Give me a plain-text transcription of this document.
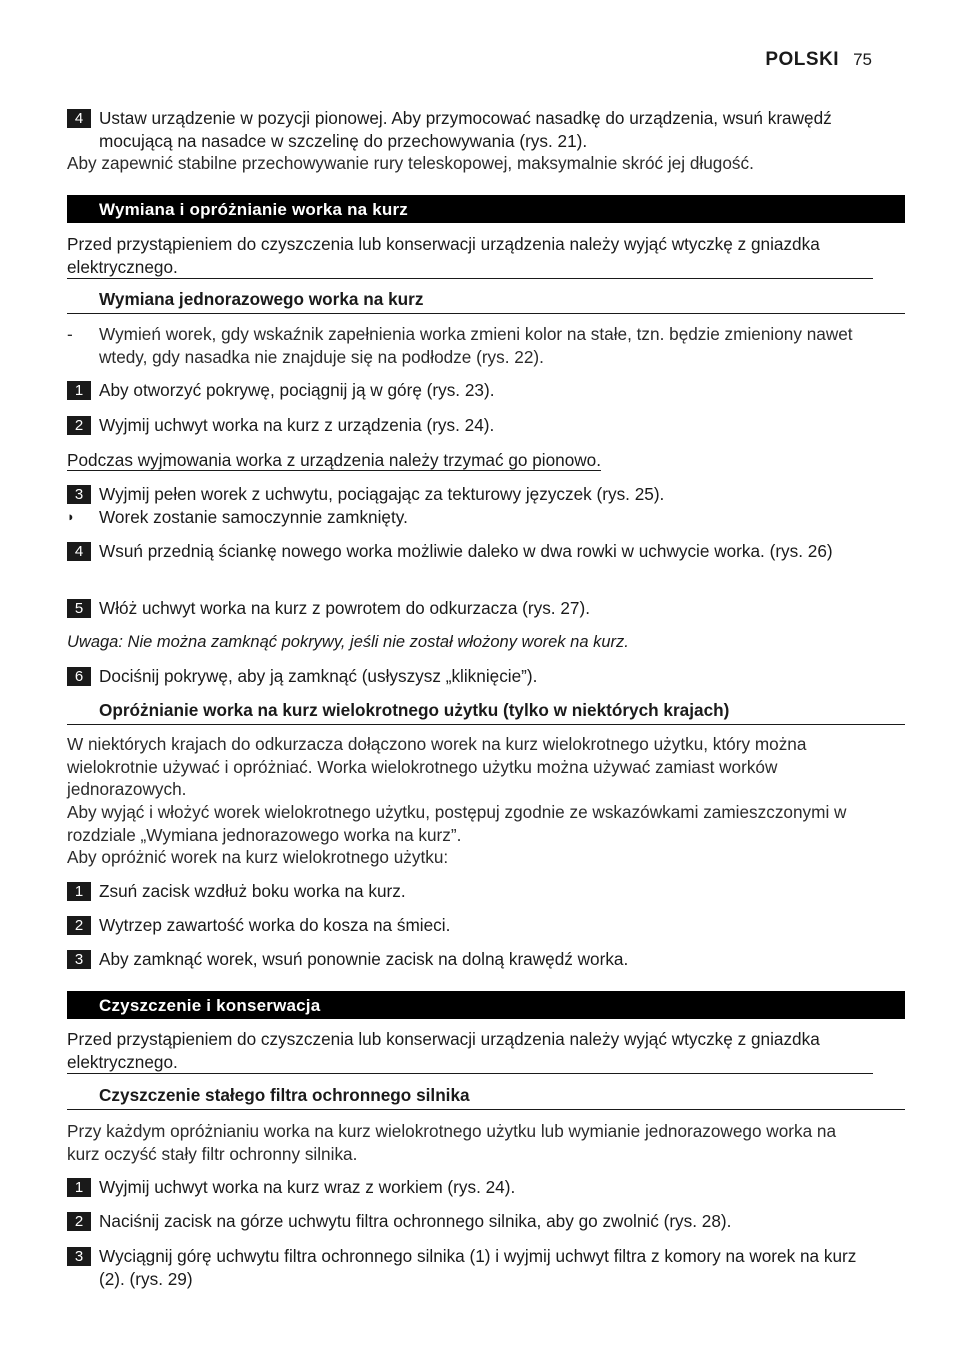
POLSKI 75
4 Ustaw urządzenie w pozycji pionowej. Aby przymocować nasadkę do urządzenia, wsuń krawędź mocującą na nasadce w szczelinę do przechowywania (rys. 21).
Aby zapewnić stabilne przechowywanie rury teleskopowej, maksymalnie skróć jej długość.
Wymiana i opróżnianie worka na kurz
Przed przystąpieniem do czyszczenia lub konserwacji urządzenia należy wyjąć wtyczkę z gniazdka elektrycznego.
Wymiana jednorazowego worka na kurz
-	Wymień worek, gdy wskaźnik zapełnienia worka zmieni kolor na stałe, tzn. będzie zmieniony nawet wtedy, gdy nasadka nie znajduje się na podłodze (rys. 22).
1 Aby otworzyć pokrywę, pociągnij ją w górę (rys. 23).
2 Wyjmij uchwyt worka na kurz z urządzenia (rys. 24).
Podczas wyjmowania worka z urządzenia należy trzymać go pionowo.
3 Wyjmij pełen worek z uchwytu, pociągając za tekturowy języczek (rys. 25).
◗	Worek zostanie samoczynnie zamknięty.
4 Wsuń przednią ściankę nowego worka możliwie daleko w dwa rowki w uchwycie worka. (rys. 26)
5 Włóż uchwyt worka na kurz z powrotem do odkurzacza (rys. 27).
Uwaga: Nie można zamknąć pokrywy, jeśli nie został włożony worek na kurz.
6 Dociśnij pokrywę, aby ją zamknąć (usłyszysz „kliknięcie”).
Opróżnianie worka na kurz wielokrotnego użytku (tylko w niektórych krajach)
W niektórych krajach do odkurzacza dołączono worek na kurz wielokrotnego użytku, który można wielokrotnie używać i opróżniać. Worka wielokrotnego użytku można używać zamiast worków jednorazowych.
Aby wyjąć i włożyć worek wielokrotnego użytku, postępuj zgodnie ze wskazówkami zamieszczonymi w rozdziale „Wymiana jednorazowego worka na kurz”.
Aby opróżnić worek na kurz wielokrotnego użytku:
1 Zsuń zacisk wzdłuż boku worka na kurz.
2 Wytrzep zawartość worka do kosza na śmieci.
3 Aby zamknąć worek, wsuń ponownie zacisk na dolną krawędź worka.
Czyszczenie i konserwacja
Przed przystąpieniem do czyszczenia lub konserwacji urządzenia należy wyjąć wtyczkę z gniazdka elektrycznego.
Czyszczenie stałego filtra ochronnego silnika
Przy każdym opróżnianiu worka na kurz wielokrotnego użytku lub wymianie jednorazowego worka na kurz oczyść stały filtr ochronny silnika.
1 Wyjmij uchwyt worka na kurz wraz z workiem (rys. 24).
2 Naciśnij zacisk na górze uchwytu filtra ochronnego silnika, aby go zwolnić (rys. 28).
3 Wyciągnij górę uchwytu filtra ochronnego silnika (1) i wyjmij uchwyt filtra z komory na worek na kurz (2). (rys. 29)
